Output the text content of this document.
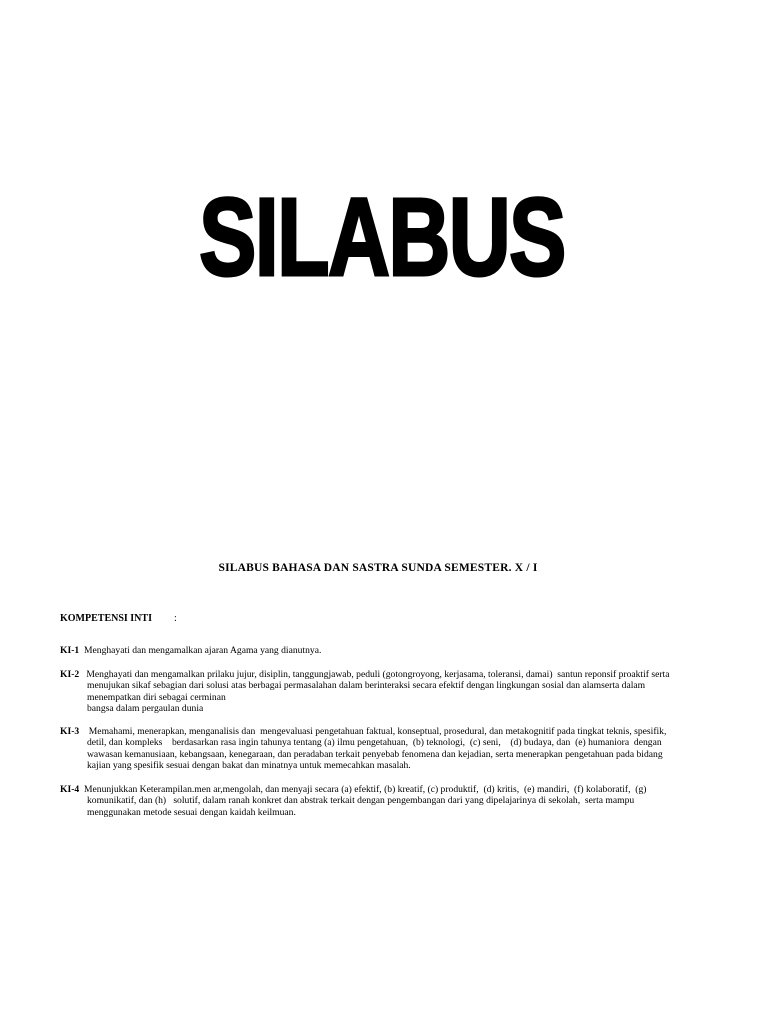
SILABUS
SILABUS BAHASA DAN SASTRA SUNDA SEMESTER. X / I
KOMPETENSI INTI :
KI-1  Menghayati dan mengamalkan ajaran Agama yang dianutnya.
KI-2   Menghayati dan mengamalkan prilaku jujur, disiplin, tanggungjawab, peduli (gotongroyong, kerjasama, toleransi, damai)  santun reponsif proaktif serta
menujukan sikaf sebagian dari solusi atas berbagai permasalahan dalam berinteraksi secara efektif dengan lingkungan sosial dan alamserta dalam
menempatkan diri sebagai cerminan
bangsa dalam pergaulan dunia
KI-3    Memahami, menerapkan, menganalisis dan  mengevaluasi pengetahuan faktual, konseptual, prosedural, dan metakognitif pada tingkat teknis, spesifik,
detil, dan kompleks    berdasarkan rasa ingin tahunya tentang (a) ilmu pengetahuan,  (b) teknologi,  (c) seni,    (d) budaya, dan  (e) humaniora  dengan
wawasan kemanusiaan, kebangsaan, kenegaraan, dan peradaban terkait penyebab fenomena dan kejadian, serta menerapkan pengetahuan pada bidang
kajian yang spesifik sesuai dengan bakat dan minatnya untuk memecahkan masalah.
KI-4  Menunjukkan Keterampilan.men ar,mengolah, dan menyaji secara (a) efektif, (b) kreatif, (c) produktif,  (d) kritis,  (e) mandiri,  (f) kolaboratif,  (g)
komunikatif, dan (h)   solutif, dalam ranah konkret dan abstrak terkait dengan pengembangan dari yang dipelajarinya di sekolah,  serta mampu
menggunakan metode sesuai dengan kaidah keilmuan.
